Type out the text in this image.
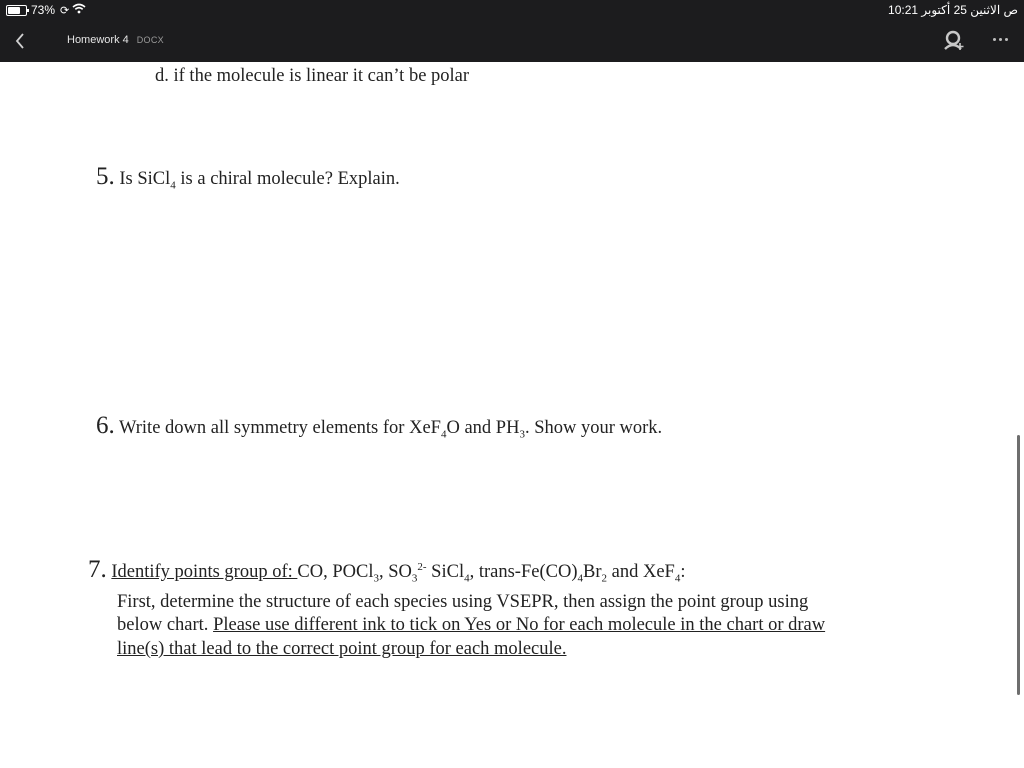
73% ⟳	10:21 ص الاثنين 25 أكتوبر
Homework 4 DOCX
d. if the molecule is linear it can’t be polar
5. Is SiCl$_4$ is a chiral molecule? Explain.
6. Write down all symmetry elements for XeF$_4$O and $PH_3$. Show your work.
7. Identify points group of: CO, POCl$_3$, $SO_3^{2-}$ SiCl$_4$, trans-$Fe(CO)_4Br_2$ and XeF$_4$:
First, determine the structure of each species using VSEPR, then assign the point group using
below chart. Please use different ink to tick on Yes or No for each molecule in the chart or draw
line(s) that lead to the correct point group for each molecule.
